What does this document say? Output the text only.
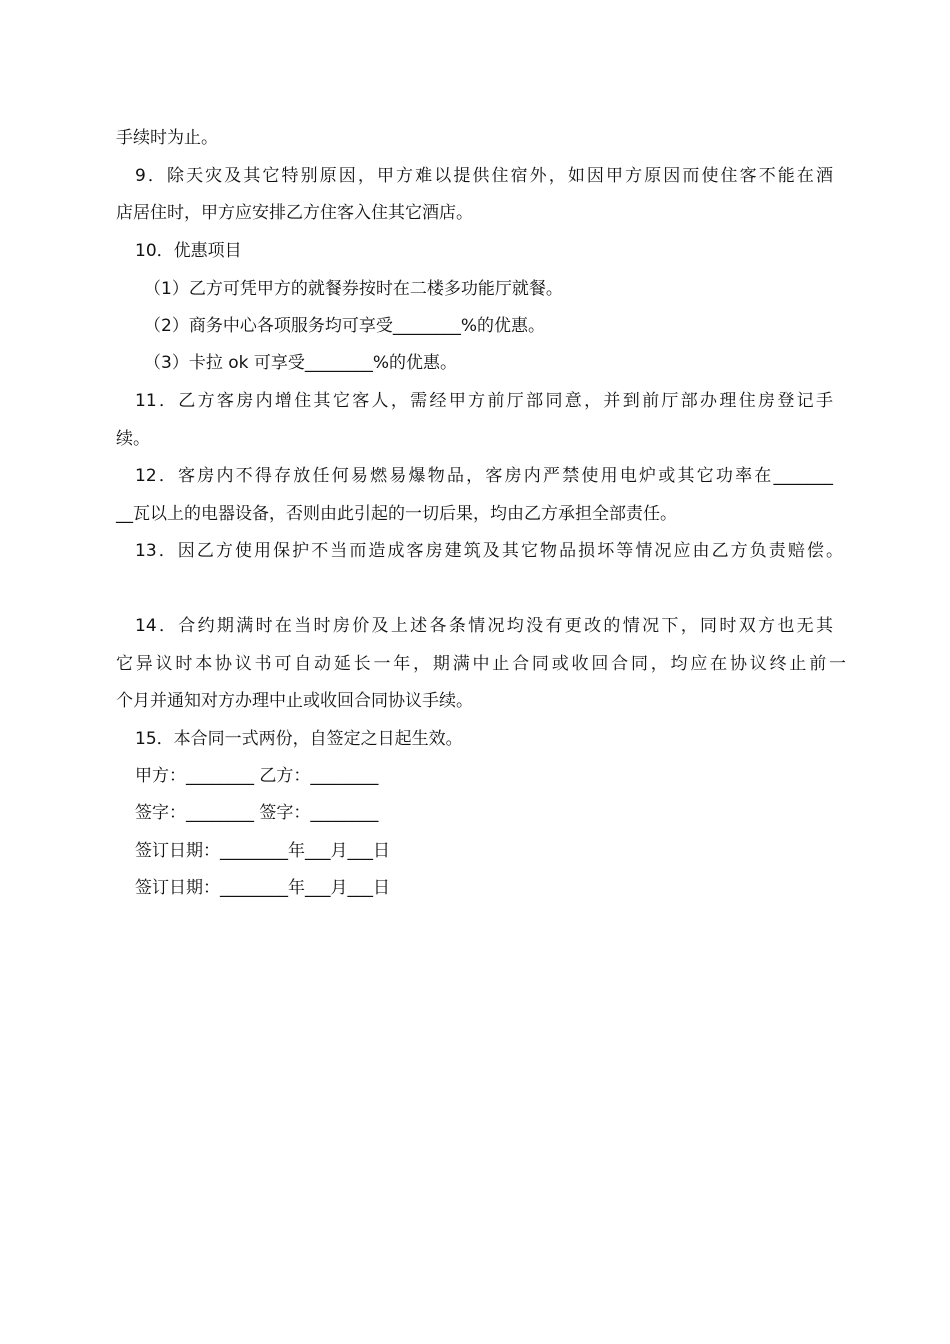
手续时为止。
9．除天灾及其它特别原因，甲方难以提供住宿外，如因甲方原因而使住客不能在酒
店居住时，甲方应安排乙方住客入住其它酒店。
10．优惠项目
（1）乙方可凭甲方的就餐券按时在二楼多功能厅就餐。
（2）商务中心各项服务均可享受________%的优惠。
（3）卡拉 ok 可享受________%的优惠。
11．乙方客房内增住其它客人，需经甲方前厅部同意，并到前厅部办理住房登记手
续。
12．客房内不得存放任何易燃易爆物品，客房内严禁使用电炉或其它功率在_______
__瓦以上的电器设备，否则由此引起的一切后果，均由乙方承担全部责任。
13．因乙方使用保护不当而造成客房建筑及其它物品损坏等情况应由乙方负责赔偿。
14．合约期满时在当时房价及上述各条情况均没有更改的情况下，同时双方也无其
它异议时本协议书可自动延长一年，期满中止合同或收回合同，均应在协议终止前一
个月并通知对方办理中止或收回合同协议手续。
15．本合同一式两份，自签定之日起生效。
甲方：________ 乙方：________
签字：________ 签字：________
签订日期：________年___月___日
签订日期：________年___月___日
